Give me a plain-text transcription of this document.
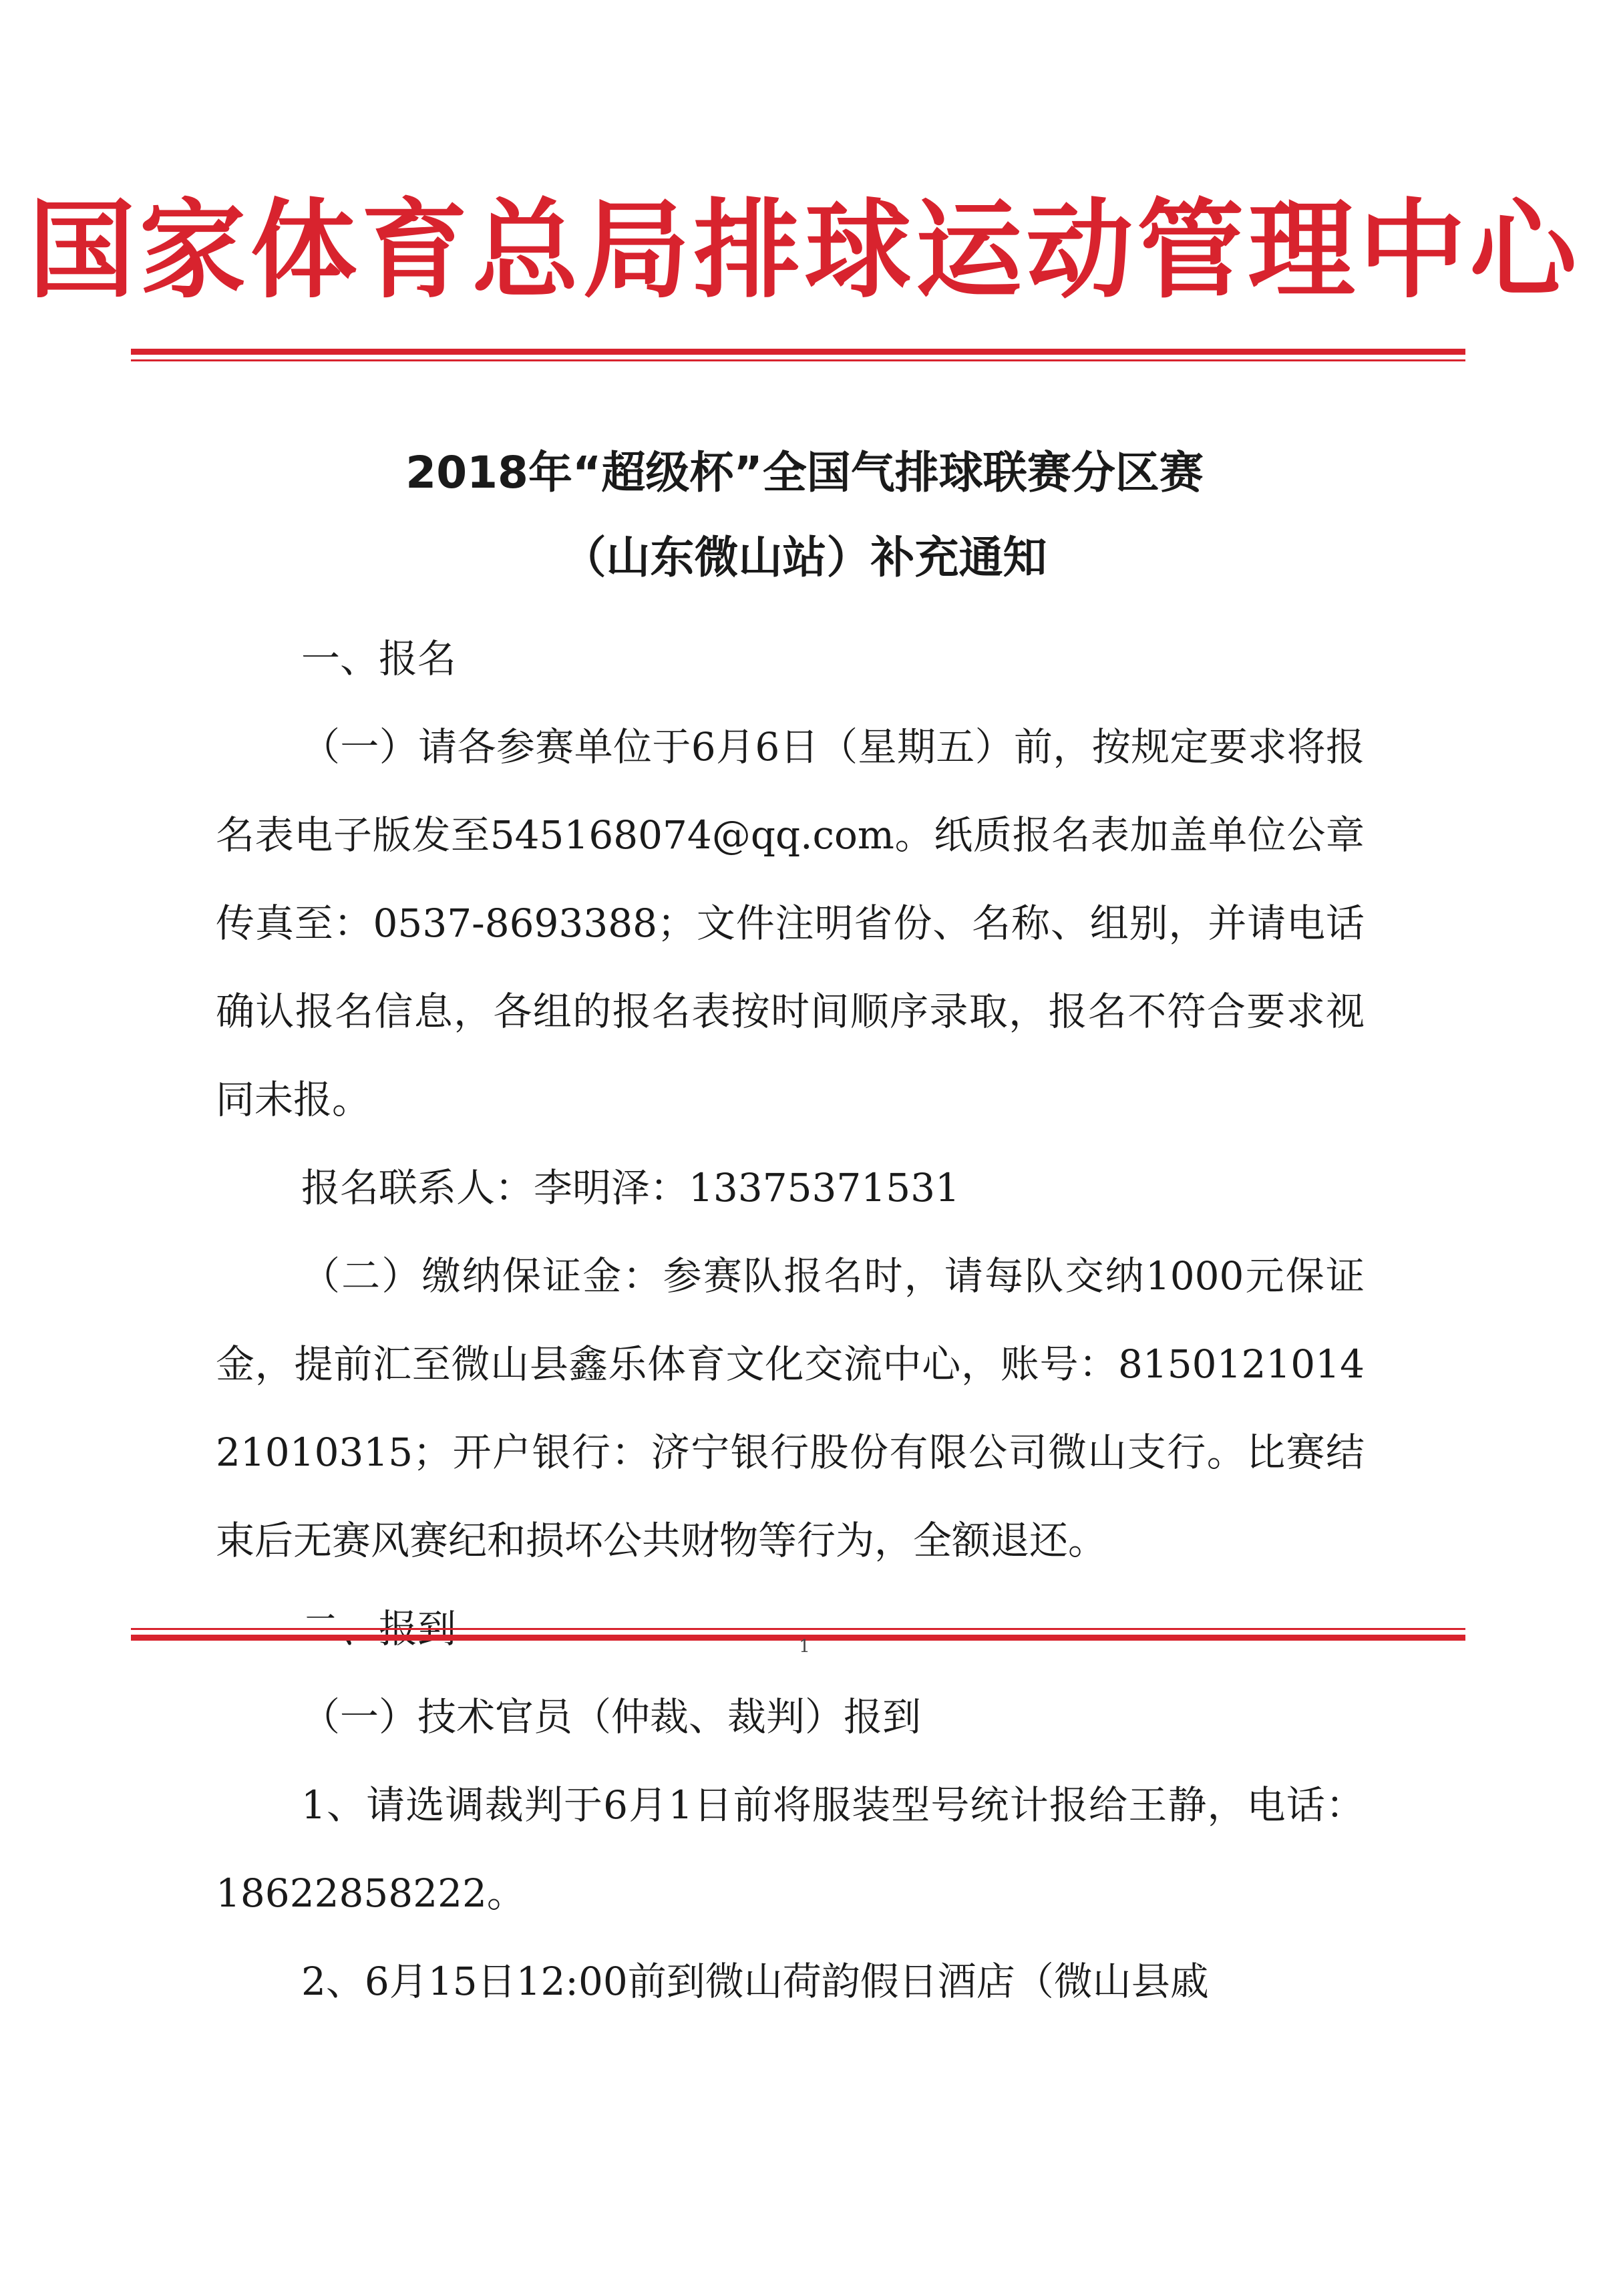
国家体育总局排球运动管理中心
2018年“超级杯”全国气排球联赛分区赛
（山东微山站）补充通知

一、报名

（一）请各参赛单位于6月6日（星期五）前，按规定要求将报名表电子版发至545168074@qq.com。纸质报名表加盖单位公章传真至：0537-8693388；文件注明省份、名称、组别，并请电话确认报名信息，各组的报名表按时间顺序录取，报名不符合要求视同未报。

报名联系人：李明泽：13375371531

（二）缴纳保证金：参赛队报名时，请每队交纳1000元保证金，提前汇至微山县鑫乐体育文化交流中心，账号：815012101421010315；开户银行：济宁银行股份有限公司微山支行。比赛结束后无赛风赛纪和损坏公共财物等行为，全额退还。

（一）技术官员（仲裁、裁判）报到

1、请选调裁判于6月1日前将服装型号统计报给王静，电话：18622858222。

2、6月15日12:00前到微山荷韵假日酒店（微山县戚

1
